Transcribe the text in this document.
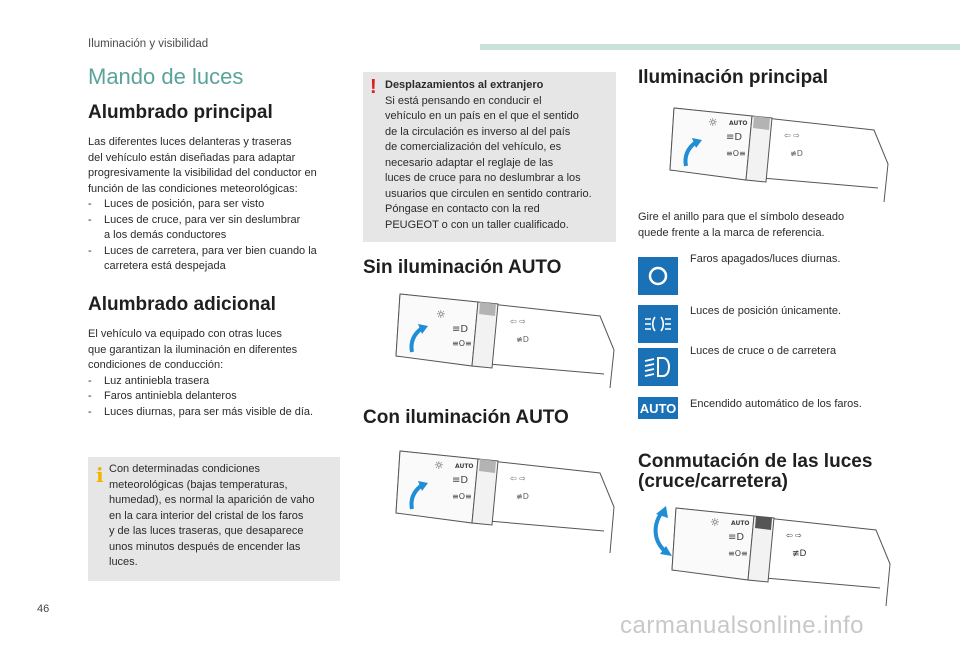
Iluminación y visibilidad
Mando de luces
Alumbrado principal
Las diferentes luces delanteras y traseras
del vehículo están diseñadas para adaptar
progresivamente la visibilidad del conductor en
función de las condiciones meteorológicas:
- Luces de posición, para ser visto
- Luces de cruce, para ver sin deslumbrar
a los demás conductores
- Luces de carretera, para ver bien cuando la
carretera está despejada
Alumbrado adicional
El vehículo va equipado con otras luces
que garantizan la iluminación en diferentes
condiciones de conducción:
- Luz antiniebla trasera
- Faros antiniebla delanteros
- Luces diurnas, para ser más visible de día.
i Con determinadas condiciones
meteorológicas (bajas temperaturas,
humedad), es normal la aparición de vaho
en la cara interior del cristal de los faros
y de las luces traseras, que desaparece
unos minutos después de encender las
luces.
! Desplazamientos al extranjero
Si está pensando en conducir el
vehículo en un país en el que el sentido
de la circulación es inverso al del país
de comercialización del vehículo, es
necesario adaptar el reglaje de las
luces de cruce para no deslumbrar a los
usuarios que circulen en sentido contrario.
Póngase en contacto con la red
PEUGEOT o con un taller cualificado.
Sin iluminación AUTO
☼
≡D
≡O≡
⇦ ⇨
≢D
Con iluminación AUTO
☼ AUTO
≡D
≡O≡
⇦ ⇨
≢D
Iluminación principal
☼ AUTO
≡D
≡O≡
⇦ ⇨
≢D
Gire el anillo para que el símbolo deseado
quede frente a la marca de referencia.
Faros apagados/luces diurnas.
Luces de posición únicamente.
Luces de cruce o de carretera
AUTO Encendido automático de los faros.
Conmutación de las luces
(cruce/carretera)
☼ AUTO
≡D
≡O≡
⇦ ⇨
≢D
46
carmanualsonline.info
